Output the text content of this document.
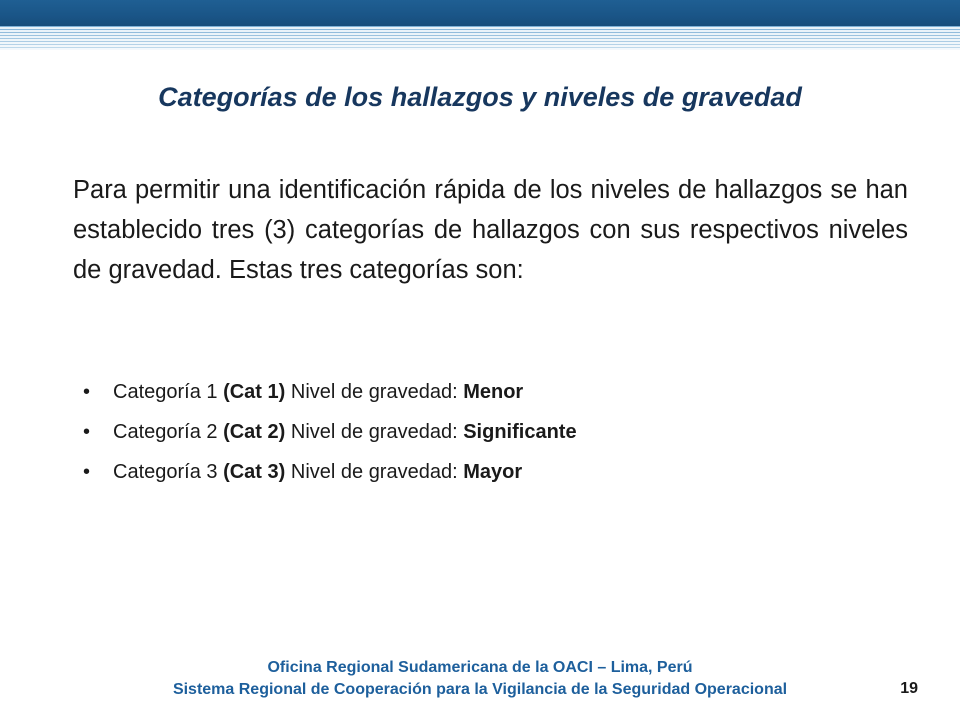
Categorías de los hallazgos y niveles de gravedad

Para permitir una identificación rápida de los niveles de hallazgos se han establecido tres (3) categorías de hallazgos con sus respectivos niveles de gravedad. Estas tres categorías son:

• Categoría 1 (Cat 1) Nivel de gravedad: Menor
• Categoría 2 (Cat 2) Nivel de gravedad: Significante
• Categoría 3 (Cat 3) Nivel de gravedad: Mayor

Oficina Regional Sudamericana de la OACI – Lima, Perú

Sistema Regional de Cooperación para la Vigilancia de la Seguridad Operacional	19
